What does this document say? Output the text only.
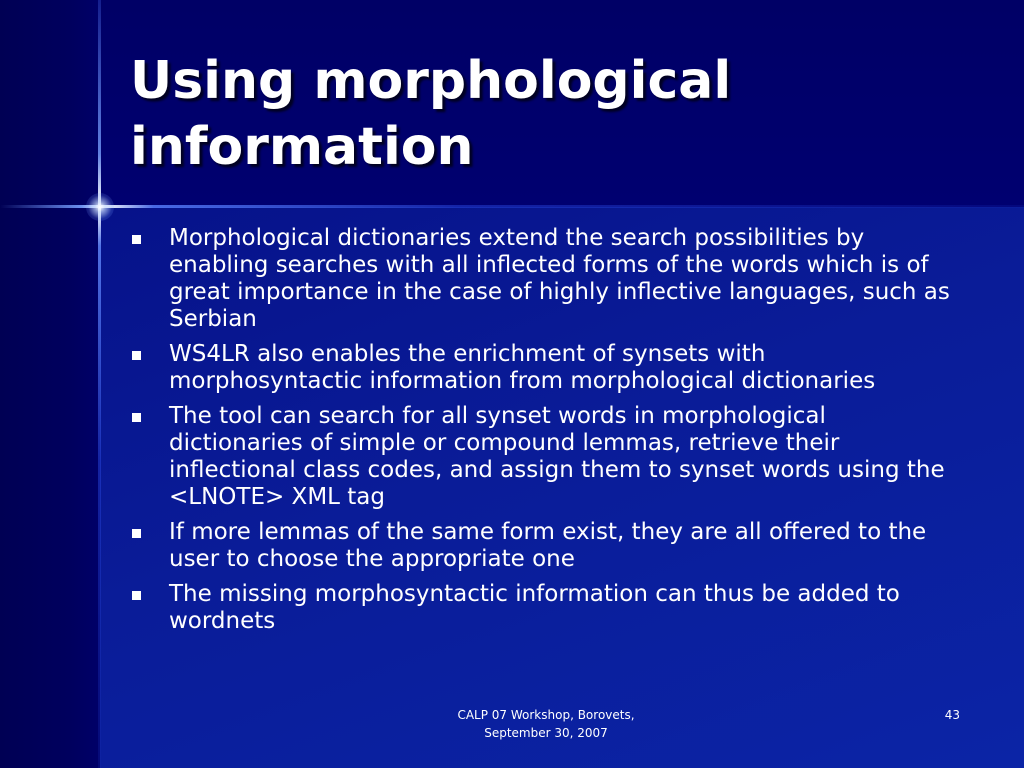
Using morphological information
Morphological dictionaries extend the search possibilities by enabling searches with all inflected forms of the words which is of great importance in the case of highly inflective languages, such as Serbian
WS4LR also enables the enrichment of synsets with morphosyntactic information from morphological dictionaries
The tool can search for all synset words in morphological dictionaries of simple or compound lemmas, retrieve their inflectional class codes, and assign them to synset words using the <LNOTE> XML tag
If more lemmas of the same form exist, they are all offered to the user to choose the appropriate one
The missing morphosyntactic information can thus be added to wordnets
CALP 07 Workshop, Borovets,
September 30, 2007
43
